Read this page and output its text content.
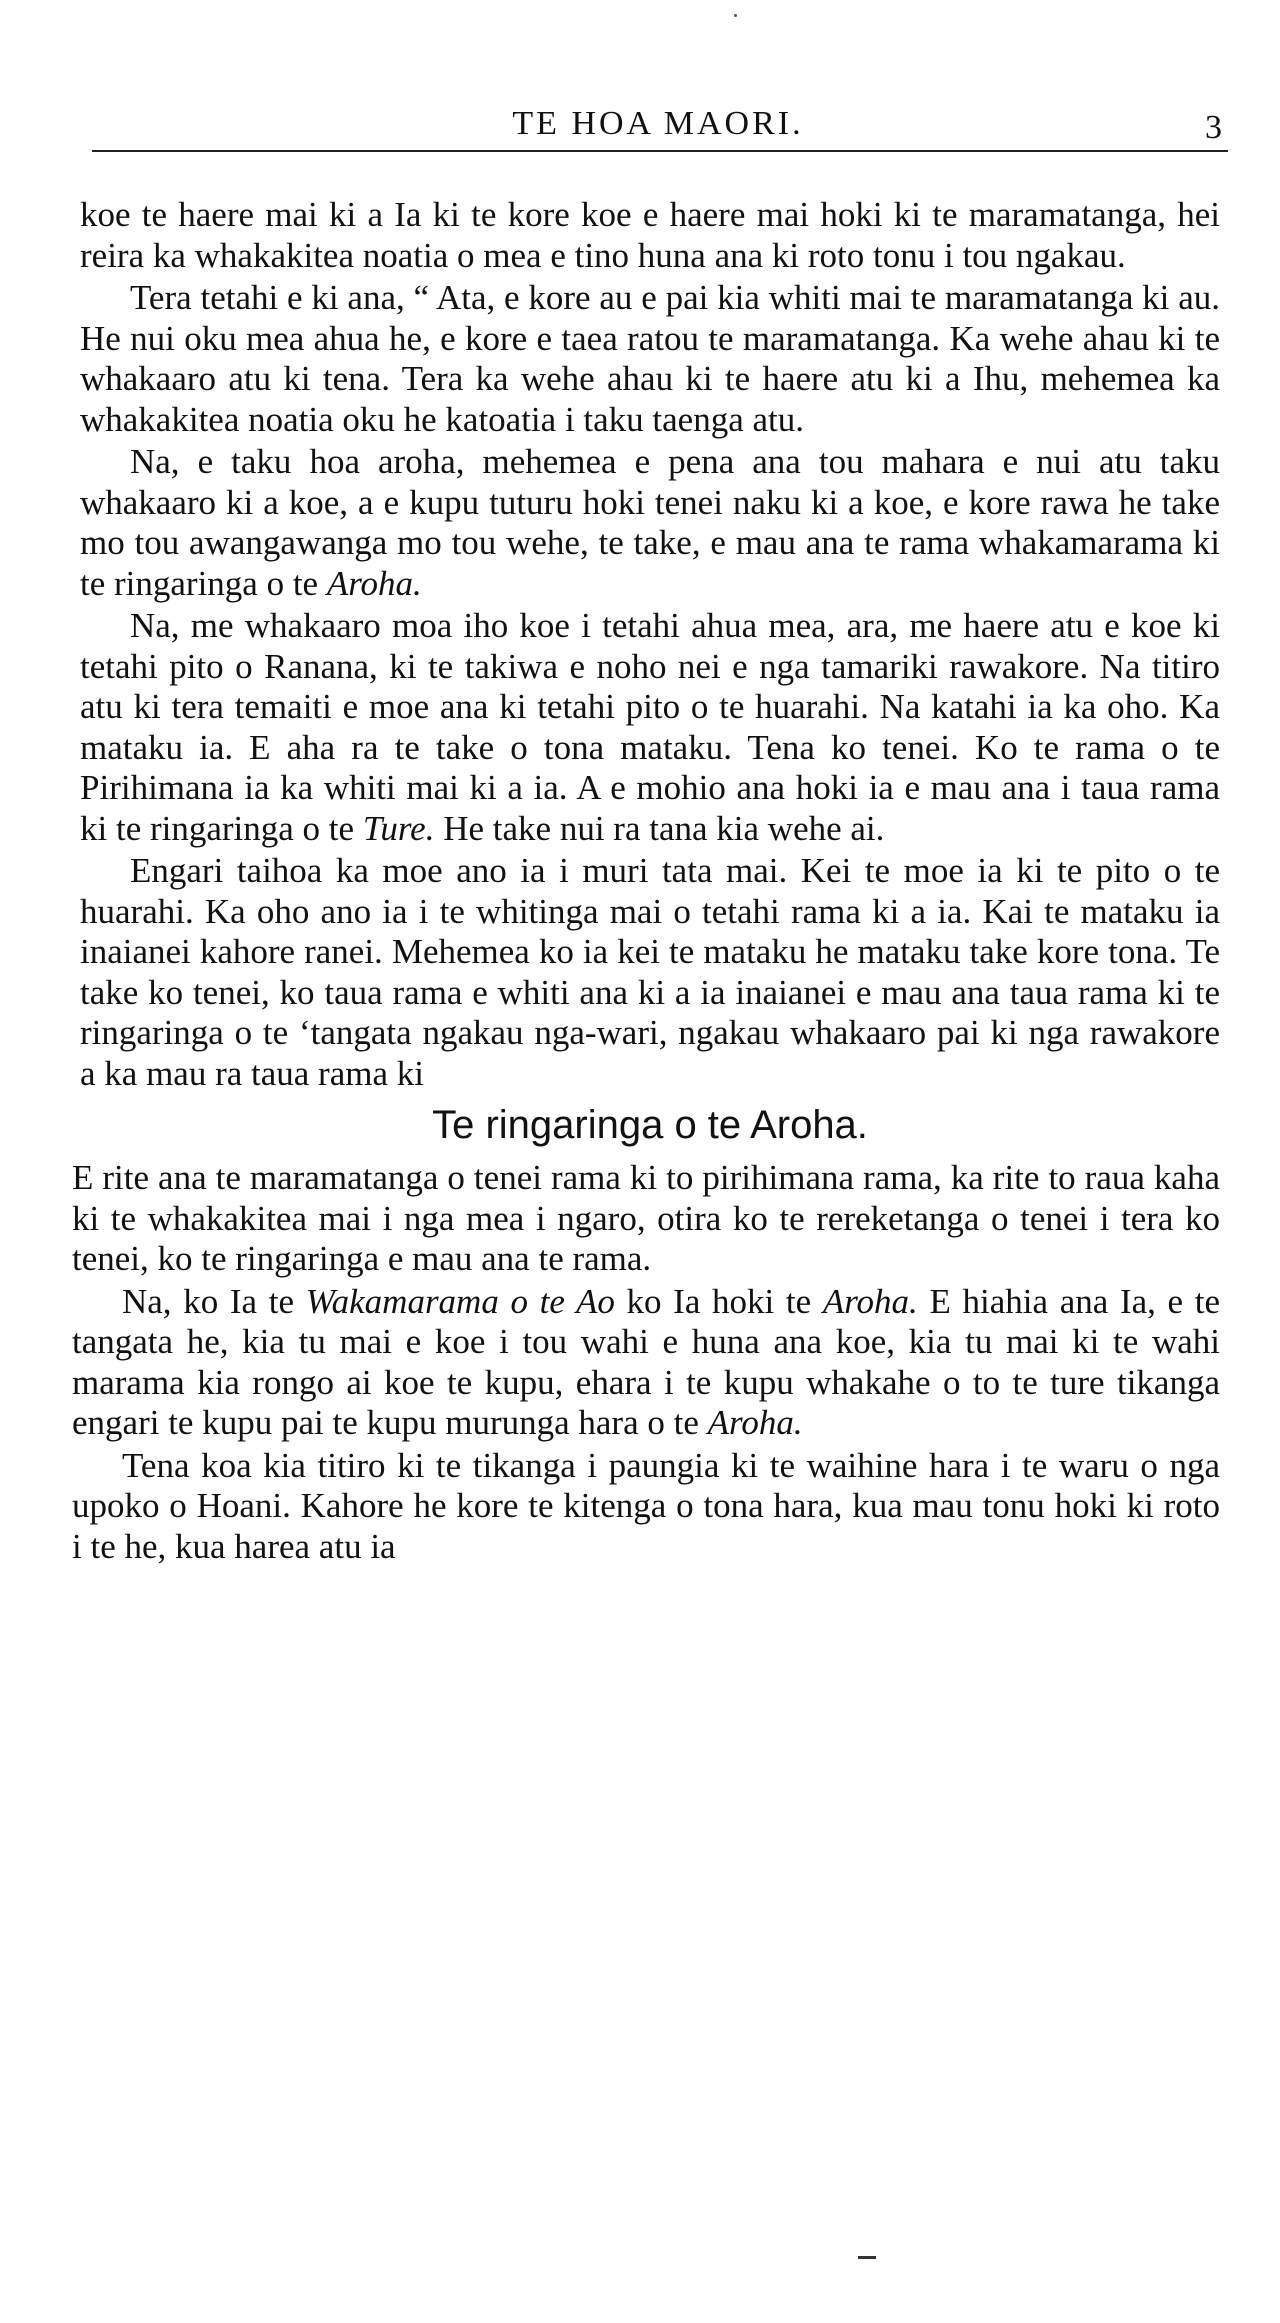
TE HOA MAORI.	3

koe te haere mai ki a Ia ki te kore koe e haere mai hoki ki te maramatanga, hei reira ka whakakitea noatia o mea e tino huna ana ki roto tonu i tou ngakau.

Tera tetahi e ki ana, “ Ata, e kore au e pai kia whiti mai te maramatanga ki au. He nui oku mea ahua he, e kore e taea ratou te maramatanga. Ka wehe ahau ki te whakaaro atu ki tena. Tera ka wehe ahau ki te haere atu ki a Ihu, mehemea ka whakakitea noatia oku he katoatia i taku taenga atu.

Na, e taku hoa aroha, mehemea e pena ana tou mahara e nui atu taku whakaaro ki a koe, a e kupu tuturu hoki tenei naku ki a koe, e kore rawa he take mo tou awangawanga mo tou wehe, te take, e mau ana te rama whakamarama ki te ringaringa o te Aroha.

Na, me whakaaro moa iho koe i tetahi ahua mea, ara, me haere atu e koe ki tetahi pito o Ranana, ki te takiwa e noho nei e nga tamariki rawakore. Na titiro atu ki tera temaiti e moe ana ki tetahi pito o te huarahi. Na katahi ia ka oho. Ka mataku ia. E aha ra te take o tona mataku. Tena ko tenei. Ko te rama o te Pirihimana ia ka whiti mai ki a ia. A e mohio ana hoki ia e mau ana i taua rama ki te ringaringa o te Ture. He take nui ra tana kia wehe ai.

Engari taihoa ka moe ano ia i muri tata mai. Kei te moe ia ki te pito o te huarahi. Ka oho ano ia i te whitinga mai o tetahi rama ki a ia. Kai te mataku ia inaianei kahore ranei. Mehemea ko ia kei te mataku he mataku take kore tona. Te take ko tenei, ko taua rama e whiti ana ki a ia inaianei e mau ana taua rama ki te ringaringa o te ‘tangata ngakau nga-wari, ngakau whakaaro pai ki nga rawakore a ka mau ra taua rama ki

Te ringaringa o te Aroha.

E rite ana te maramatanga o tenei rama ki to pirihimana rama, ka rite to raua kaha ki te whakakitea mai i nga mea i ngaro, otira ko te rereketanga o tenei i tera ko tenei, ko te ringaringa e mau ana te rama.

Na, ko Ia te Wakamarama o te Ao ko Ia hoki te Aroha. E hiahia ana Ia, e te tangata he, kia tu mai e koe i tou wahi e huna ana koe, kia tu mai ki te wahi marama kia rongo ai koe te kupu, ehara i te kupu whakahe o to te ture tikanga engari te kupu pai te kupu murunga hara o te Aroha.

Tena koa kia titiro ki te tikanga i paungia ki te waihine hara i te waru o nga upoko o Hoani. Kahore he kore te kitenga o tona hara, kua mau tonu hoki ki roto i te he, kua harea atu ia
